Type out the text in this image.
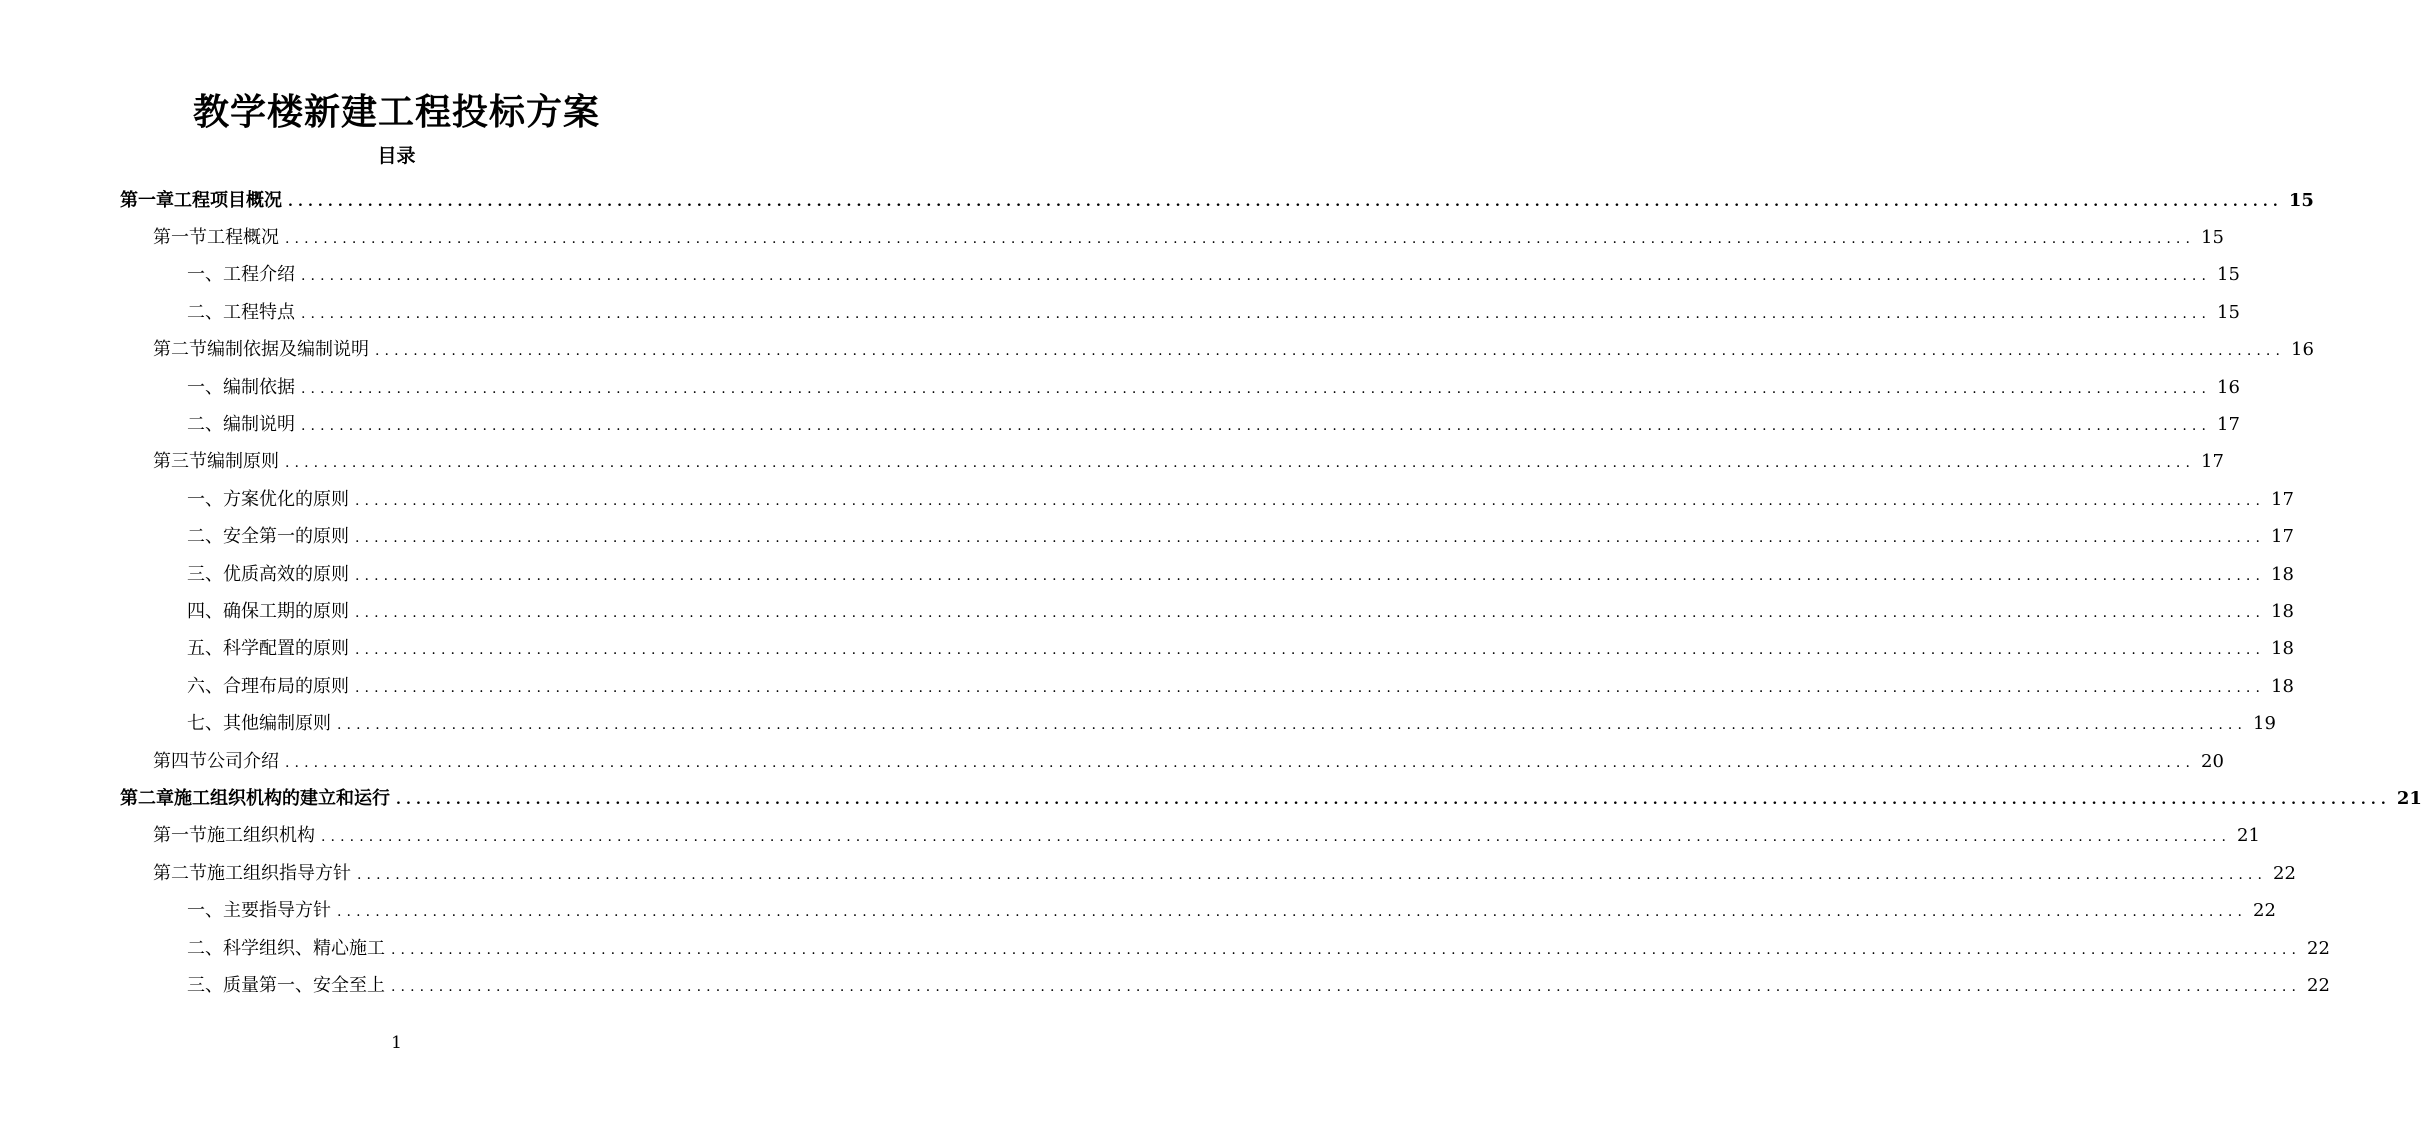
教学楼新建工程投标方案
目录
第一章 工程项目概况 ........................................................................................................................................................................................................ 15
第一节 工程概况 ........................................................................................................................................................................................................ 15
一、 工程介绍 ........................................................................................................................................................................................................ 15
二、 工程特点 ........................................................................................................................................................................................................ 15
第二节 编制依据及编制说明 ........................................................................................................................................................................................................ 16
一、 编制依据 ........................................................................................................................................................................................................ 16
二、 编制说明 ........................................................................................................................................................................................................ 17
第三节 编制原则 ........................................................................................................................................................................................................ 17
一、 方案优化的原则 ........................................................................................................................................................................................................ 17
二、 安全第一的原则 ........................................................................................................................................................................................................ 17
三、 优质高效的原则 ........................................................................................................................................................................................................ 18
四、 确保工期的原则 ........................................................................................................................................................................................................ 18
五、 科学配置的原则 ........................................................................................................................................................................................................ 18
六、 合理布局的原则 ........................................................................................................................................................................................................ 18
七、 其他编制原则 ........................................................................................................................................................................................................ 19
第四节 公司介绍 ........................................................................................................................................................................................................ 20
第二章 施工组织机构的建立和运行 ........................................................................................................................................................................................................ 21
第一节 施工组织机构 ........................................................................................................................................................................................................ 21
第二节 施工组织指导方针 ........................................................................................................................................................................................................ 22
一、 主要指导方针 ........................................................................................................................................................................................................ 22
二、 科学组织、精心施工 ........................................................................................................................................................................................................ 22
三、 质量第一、安全至上 ........................................................................................................................................................................................................ 22
1
